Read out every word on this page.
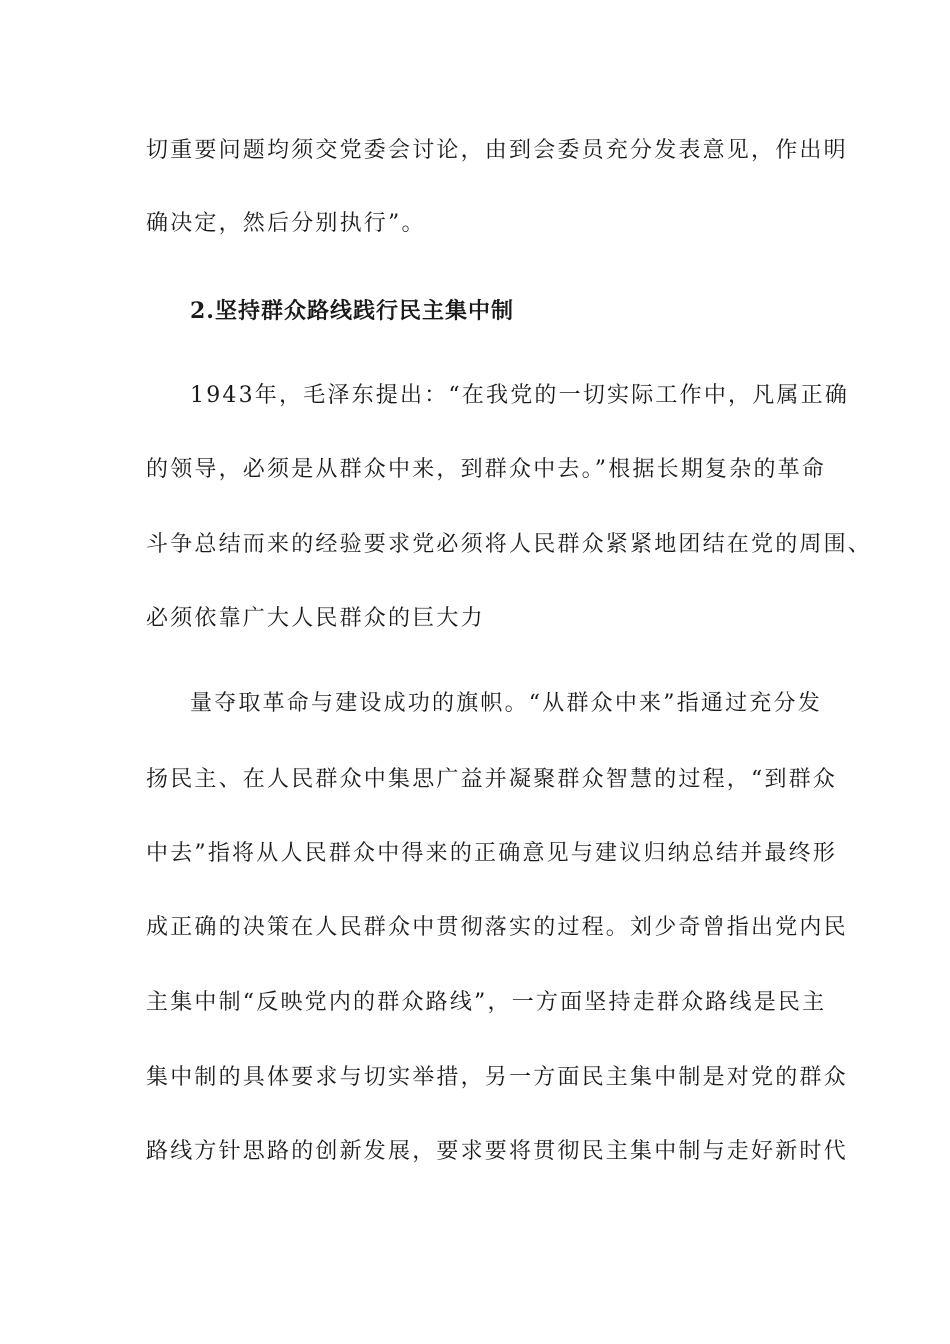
切重要问题均须交党委会讨论，由到会委员充分发表意见，作出明
确决定，然后分别执行”。
2.坚持群众路线践行民主集中制
1943年，毛泽东提出：“在我党的一切实际工作中，凡属正确
的领导，必须是从群众中来，到群众中去。”根据长期复杂的革命
斗争总结而来的经验要求党必须将人民群众紧紧地团结在党的周围、
必须依靠广大人民群众的巨大力
量夺取革命与建设成功的旗帜。“从群众中来”指通过充分发
扬民主、在人民群众中集思广益并凝聚群众智慧的过程，“到群众
中去”指将从人民群众中得来的正确意见与建议归纳总结并最终形
成正确的决策在人民群众中贯彻落实的过程。刘少奇曾指出党内民
主集中制“反映党内的群众路线”，一方面坚持走群众路线是民主
集中制的具体要求与切实举措，另一方面民主集中制是对党的群众
路线方针思路的创新发展，要求要将贯彻民主集中制与走好新时代
